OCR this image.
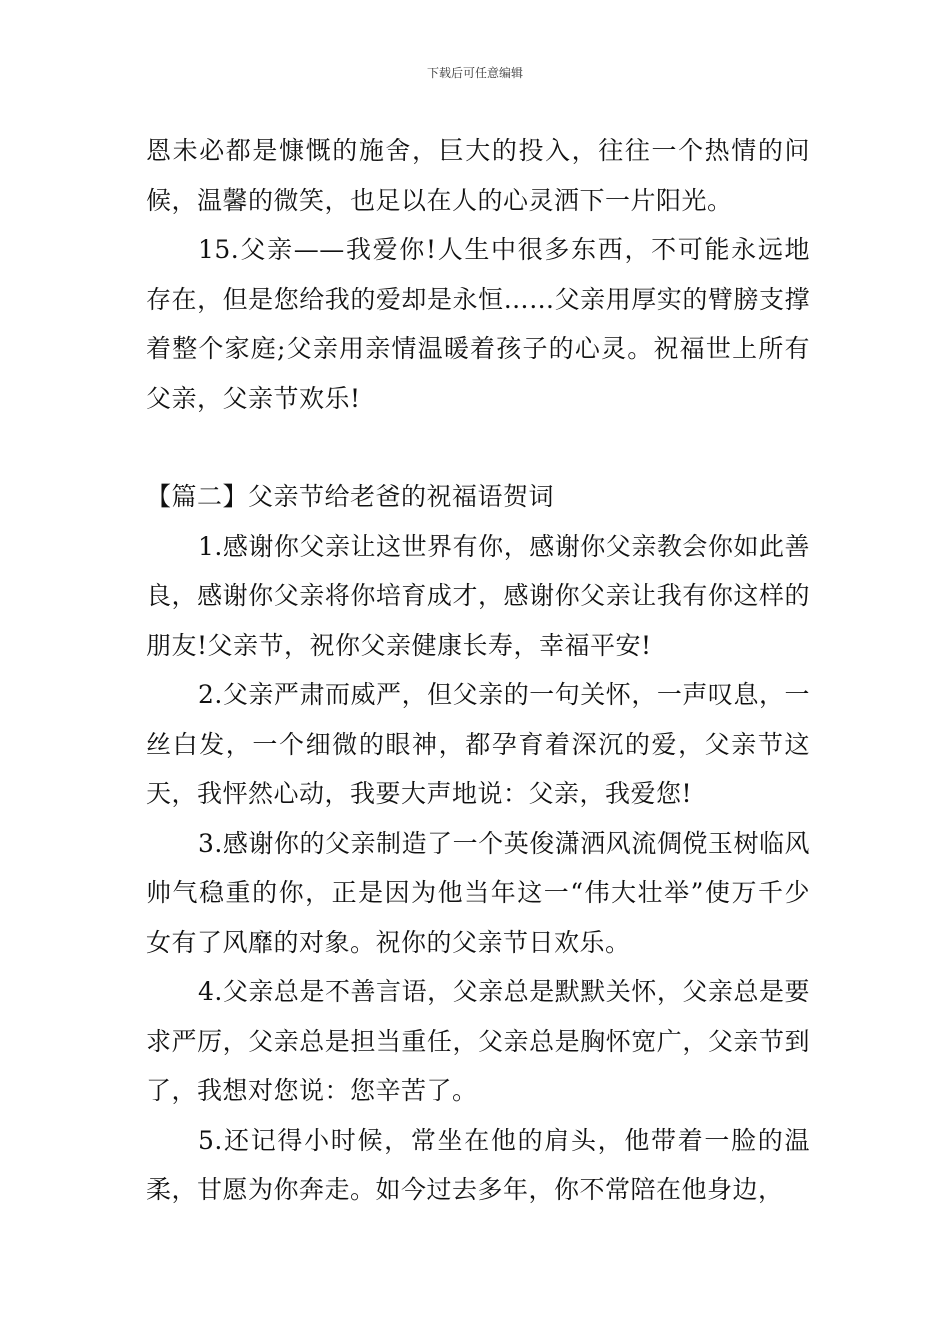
下载后可任意编辑

恩未必都是慷慨的施舍，巨大的投入，往往一个热情的问候，温馨的微笑，也足以在人的心灵洒下一片阳光。

15.父亲——我爱你!人生中很多东西，不可能永远地存在，但是您给我的爱却是永恒……父亲用厚实的臂膀支撑着整个家庭;父亲用亲情温暖着孩子的心灵。祝福世上所有父亲，父亲节欢乐!

【篇二】父亲节给老爸的祝福语贺词

1.感谢你父亲让这世界有你，感谢你父亲教会你如此善良，感谢你父亲将你培育成才，感谢你父亲让我有你这样的朋友!父亲节，祝你父亲健康长寿，幸福平安!

2.父亲严肃而威严，但父亲的一句关怀，一声叹息，一丝白发，一个细微的眼神，都孕育着深沉的爱，父亲节这天，我怦然心动，我要大声地说：父亲，我爱您!

3.感谢你的父亲制造了一个英俊潇洒风流倜傥玉树临风帅气稳重的你，正是因为他当年这一“伟大壮举”使万千少女有了风靡的对象。祝你的父亲节日欢乐。

4.父亲总是不善言语，父亲总是默默关怀，父亲总是要求严厉，父亲总是担当重任，父亲总是胸怀宽广，父亲节到了，我想对您说：您辛苦了。

5.还记得小时候，常坐在他的肩头，他带着一脸的温柔，甘愿为你奔走。如今过去多年，你不常陪在他身边，
